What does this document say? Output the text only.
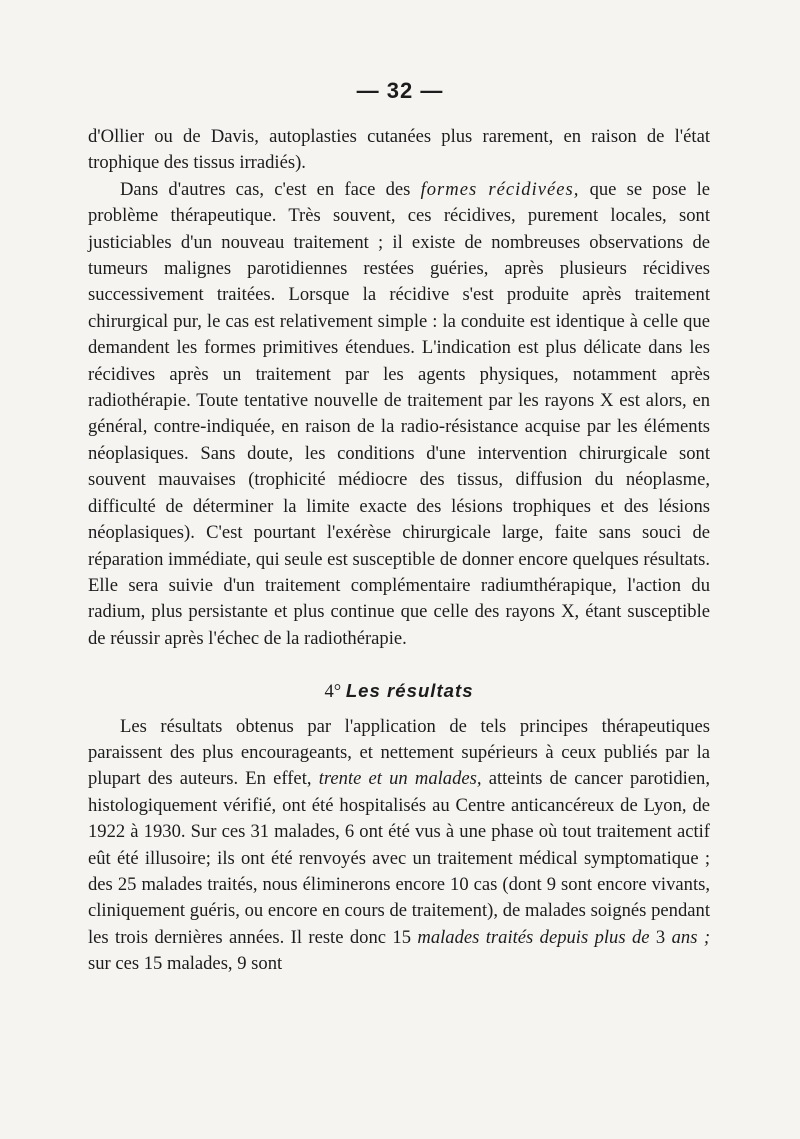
— 32 —

d'Ollier ou de Davis, autoplasties cutanées plus rarement, en raison de l'état trophique des tissus irradiés).

Dans d'autres cas, c'est en face des formes récidivées, que se pose le problème thérapeutique. Très souvent, ces récidives, purement locales, sont justiciables d'un nouveau traitement ; il existe de nombreuses observations de tumeurs malignes parotidiennes restées guéries, après plusieurs récidives successivement traitées. Lorsque la récidive s'est produite après traitement chirurgical pur, le cas est relativement simple : la conduite est identique à celle que demandent les formes primitives étendues. L'indication est plus délicate dans les récidives après un traitement par les agents physiques, notamment après radiothérapie. Toute tentative nouvelle de traitement par les rayons X est alors, en général, contre-indiquée, en raison de la radio-résistance acquise par les éléments néoplasiques. Sans doute, les conditions d'une intervention chirurgicale sont souvent mauvaises (trophicité médiocre des tissus, diffusion du néoplasme, difficulté de déterminer la limite exacte des lésions trophiques et des lésions néoplasiques). C'est pourtant l'exérèse chirurgicale large, faite sans souci de réparation immédiate, qui seule est susceptible de donner encore quelques résultats. Elle sera suivie d'un traitement complémentaire radiumthérapique, l'action du radium, plus persistante et plus continue que celle des rayons X, étant susceptible de réussir après l'échec de la radiothérapie.

4° Les résultats

Les résultats obtenus par l'application de tels principes thérapeutiques paraissent des plus encourageants, et nettement supérieurs à ceux publiés par la plupart des auteurs. En effet, trente et un malades, atteints de cancer parotidien, histologiquement vérifié, ont été hospitalisés au Centre anticancéreux de Lyon, de 1922 à 1930. Sur ces 31 malades, 6 ont été vus à une phase où tout traitement actif eût été illusoire; ils ont été renvoyés avec un traitement médical symptomatique ; des 25 malades traités, nous éliminerons encore 10 cas (dont 9 sont encore vivants, cliniquement guéris, ou encore en cours de traitement), de malades soignés pendant les trois dernières années. Il reste donc 15 malades traités depuis plus de 3 ans ; sur ces 15 malades, 9 sont
